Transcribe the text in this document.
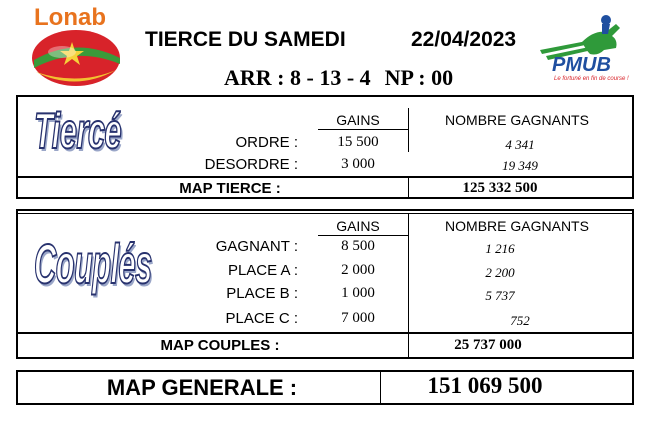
Lonab
TIERCE DU SAMEDI	22/04/2023
ARR : 8 - 13 - 4 NP : 00	PMUB
Le fortuné en fin de course !
Tiercé	GAINS	NOMBRE GAGNANTS
ORDRE :	15 500	4 341
DESORDRE :	3 000	19 349
MAP TIERCE :	125 332 500
Couplés
GAINS	NOMBRE GAGNANTS
GAGNANT :	8 500	1 216
PLACE A :	2 000	2 200
PLACE B :	1 000	5 737
PLACE C :	7 000	752
MAP COUPLES :	25 737 000
MAP GENERALE :	151 069 500
